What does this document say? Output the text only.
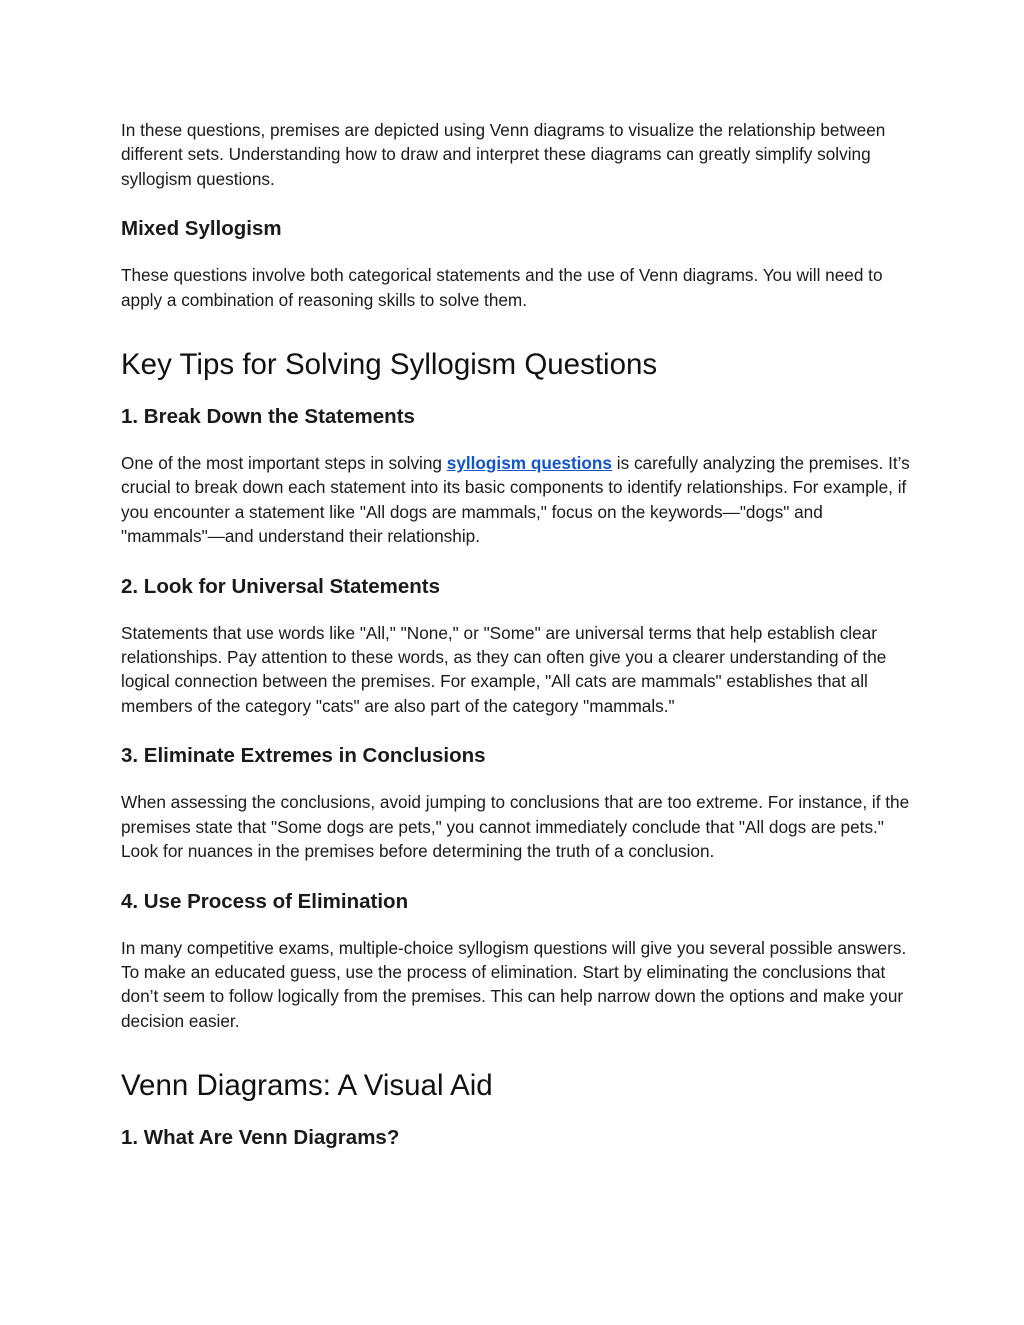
In these questions, premises are depicted using Venn diagrams to visualize the relationship between different sets. Understanding how to draw and interpret these diagrams can greatly simplify solving syllogism questions.

Mixed Syllogism

These questions involve both categorical statements and the use of Venn diagrams. You will need to apply a combination of reasoning skills to solve them.

Key Tips for Solving Syllogism Questions
1. Break Down the Statements

One of the most important steps in solving syllogism questions is carefully analyzing the premises. It’s crucial to break down each statement into its basic components to identify relationships. For example, if you encounter a statement like "All dogs are mammals," focus on the keywords—"dogs" and "mammals"—and understand their relationship.

2. Look for Universal Statements

Statements that use words like "All," "None," or "Some" are universal terms that help establish clear relationships. Pay attention to these words, as they can often give you a clearer understanding of the logical connection between the premises. For example, "All cats are mammals" establishes that all members of the category "cats" are also part of the category "mammals."

3. Eliminate Extremes in Conclusions

When assessing the conclusions, avoid jumping to conclusions that are too extreme. For instance, if the premises state that "Some dogs are pets," you cannot immediately conclude that "All dogs are pets." Look for nuances in the premises before determining the truth of a conclusion.

4. Use Process of Elimination

In many competitive exams, multiple-choice syllogism questions will give you several possible answers. To make an educated guess, use the process of elimination. Start by eliminating the conclusions that don’t seem to follow logically from the premises. This can help narrow down the options and make your decision easier.

Venn Diagrams: A Visual Aid
1. What Are Venn Diagrams?
